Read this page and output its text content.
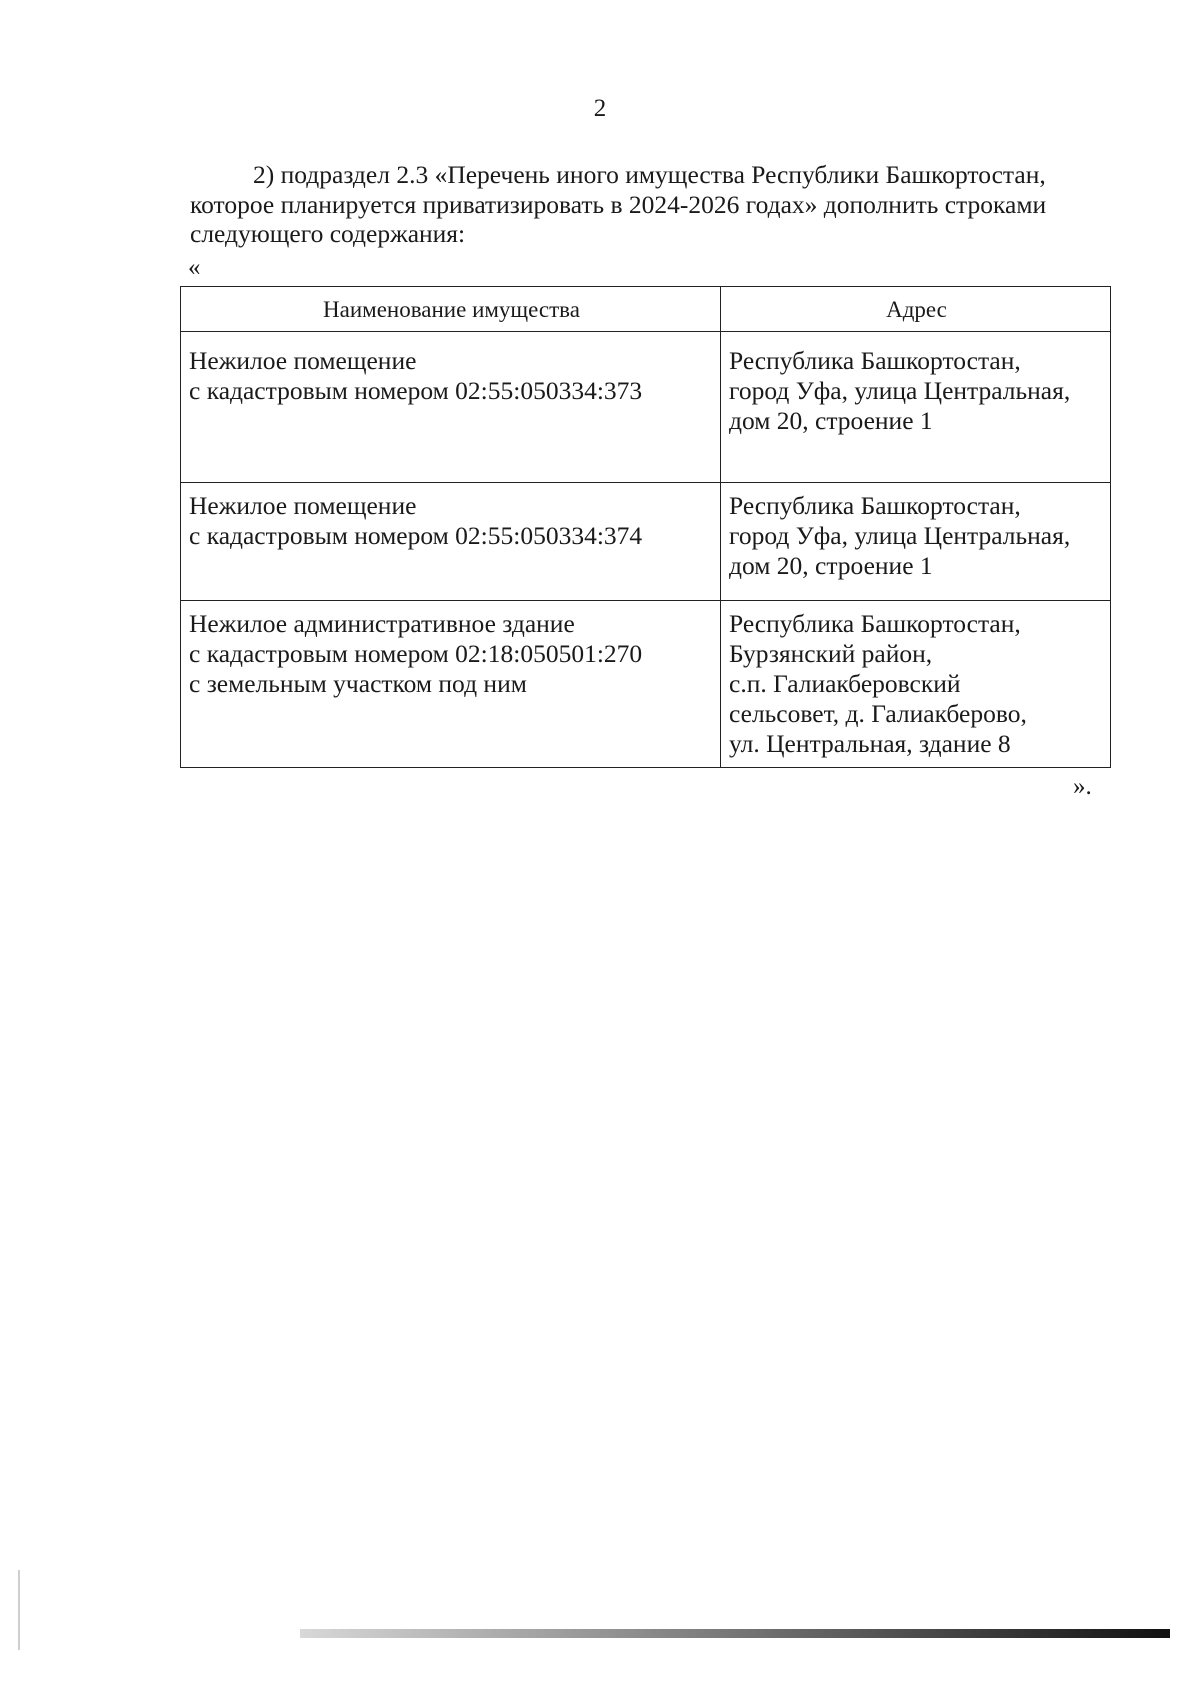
2

2) подраздел 2.3 «Перечень иного имущества Республики Башкортостан,

которое планируется приватизировать в 2024-2026 годах» дополнить строками

следующего содержания:

«
Наименование имущества	Адрес

Нежилое помещение
с кадастровым номером 02:55:050334:373	Республика Башкортостан,
город Уфа, улица Центральная,
дом 20, строение 1

Нежилое помещение
с кадастровым номером 02:55:050334:374	Республика Башкортостан,
город Уфа, улица Центральная,
дом 20, строение 1

Нежилое административное здание
с кадастровым номером 02:18:050501:270
с земельным участком под ним	Республика Башкортостан,
Бурзянский район,
с.п. Галиакберовский
сельсовет, д. Галиакберово,
ул. Центральная, здание 8
».
